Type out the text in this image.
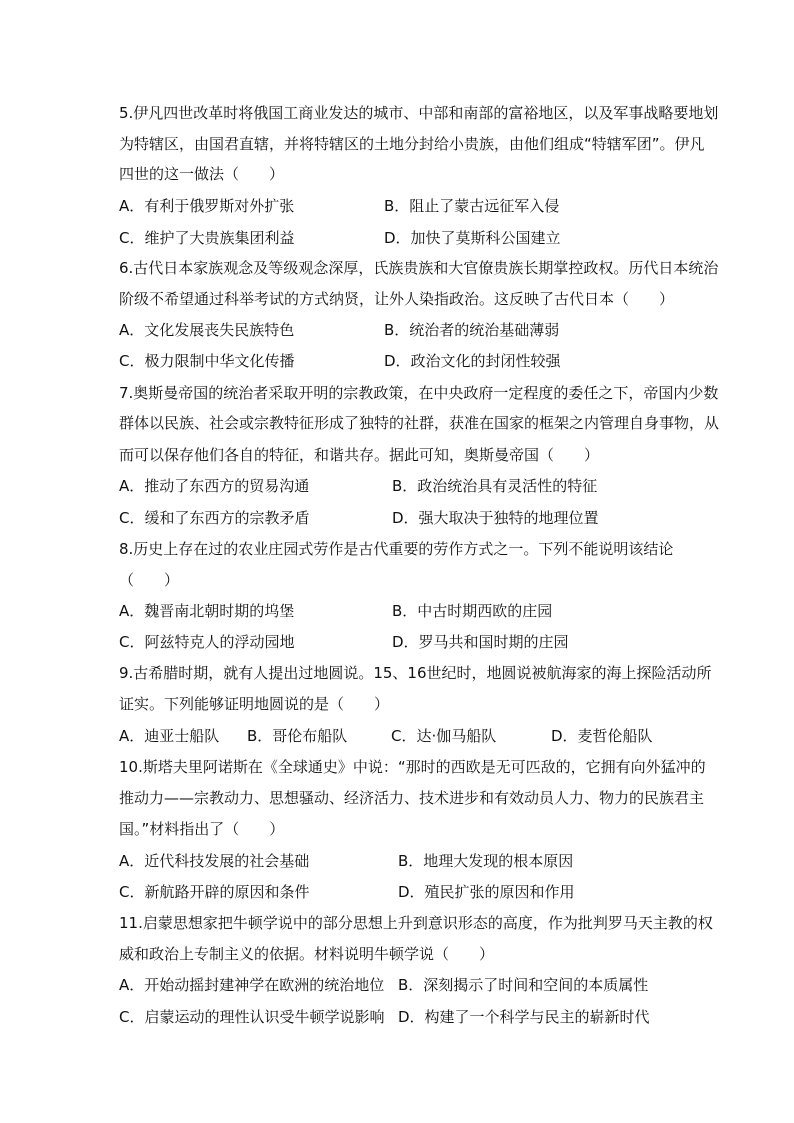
5.伊凡四世改革时将俄国工商业发达的城市、中部和南部的富裕地区，以及军事战略要地划
为特辖区，由国君直辖，并将特辖区的土地分封给小贵族，由他们组成“特辖军团”。伊凡
四世的这一做法（　　）
A．有利于俄罗斯对外扩张	B．阻止了蒙古远征军入侵
C．维护了大贵族集团利益	D．加快了莫斯科公国建立
6.古代日本家族观念及等级观念深厚，氏族贵族和大官僚贵族长期掌控政权。历代日本统治
阶级不希望通过科举考试的方式纳贤，让外人染指政治。这反映了古代日本（　　）
A．文化发展丧失民族特色	B．统治者的统治基础薄弱
C．极力限制中华文化传播	D．政治文化的封闭性较强
7.奥斯曼帝国的统治者采取开明的宗教政策，在中央政府一定程度的委任之下，帝国内少数
群体以民族、社会或宗教特征形成了独特的社群，获准在国家的框架之内管理自身事物，从
而可以保存他们各自的特征，和谐共存。据此可知，奥斯曼帝国（　　）
A．推动了东西方的贸易沟通	B．政治统治具有灵活性的特征
C．缓和了东西方的宗教矛盾	D．强大取决于独特的地理位置
8.历史上存在过的农业庄园式劳作是古代重要的劳作方式之一。下列不能说明该结论
（　　）
A．魏晋南北朝时期的坞堡	B．中古时期西欧的庄园
C．阿兹特克人的浮动园地	D．罗马共和国时期的庄园
9.古希腊时期，就有人提出过地圆说。15、16世纪时，地圆说被航海家的海上探险活动所
证实。下列能够证明地圆说的是（　　）
A．迪亚士船队 B．哥伦布船队	C．达·伽马船队	D．麦哲伦船队
10.斯塔夫里阿诺斯在《全球通史》中说：“那时的西欧是无可匹敌的，它拥有向外猛冲的
推动力——宗教动力、思想骚动、经济活力、技术进步和有效动员人力、物力的民族君主
国。”材料指出了（　　）
A．近代科技发展的社会基础	B．地理大发现的根本原因
C．新航路开辟的原因和条件	D．殖民扩张的原因和作用
11.启蒙思想家把牛顿学说中的部分思想上升到意识形态的高度，作为批判罗马天主教的权
威和政治上专制主义的依据。材料说明牛顿学说（　　）
A．开始动摇封建神学在欧洲的统治地位 B．深刻揭示了时间和空间的本质属性
C．启蒙运动的理性认识受牛顿学说影响 D．构建了一个科学与民主的崭新时代
